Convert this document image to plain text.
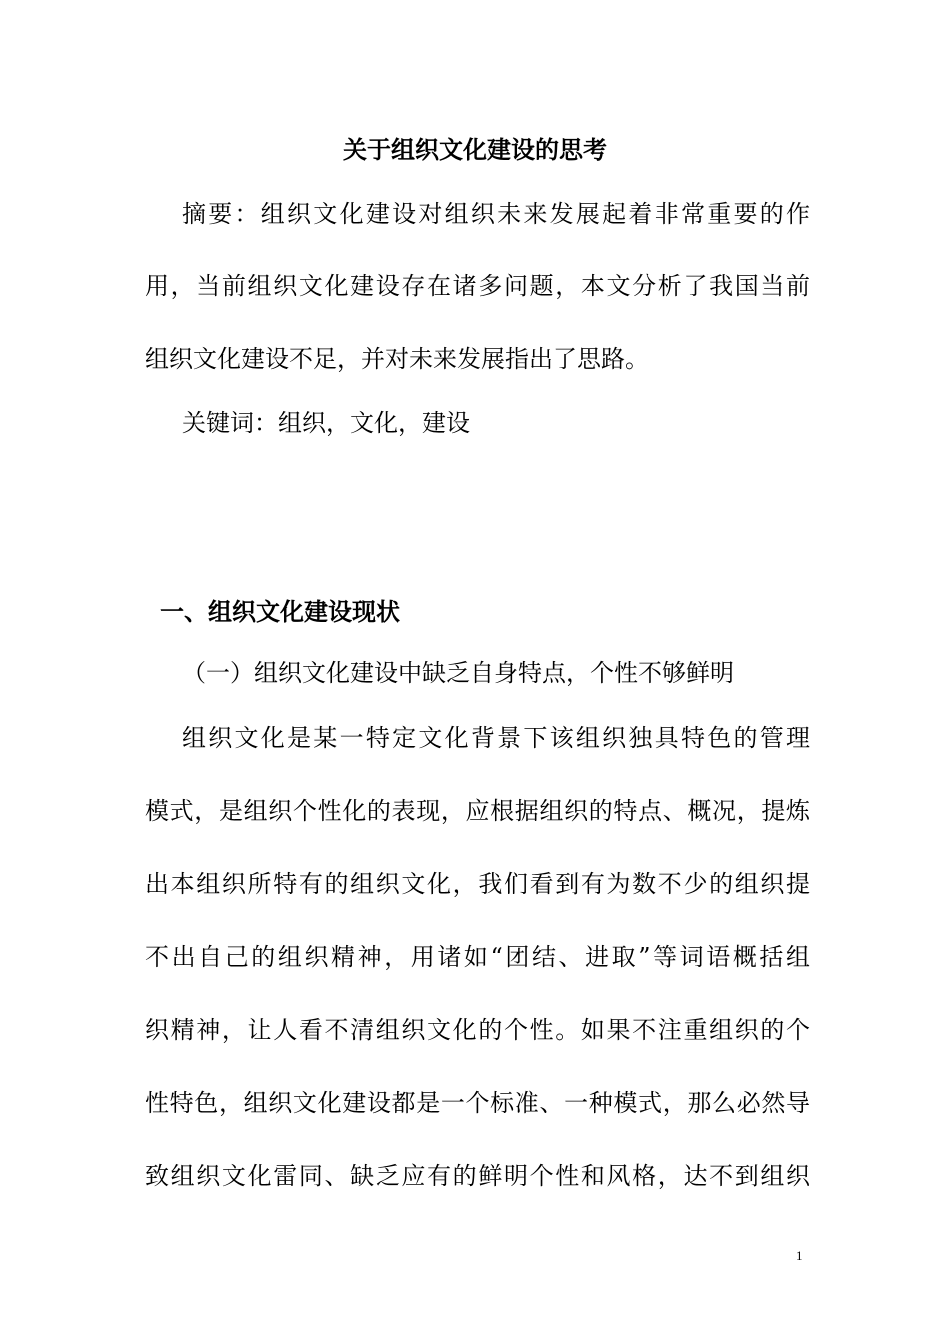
关于组织文化建设的思考
摘要：组织文化建设对组织未来发展起着非常重要的作
用，当前组织文化建设存在诸多问题，本文分析了我国当前
组织文化建设不足，并对未来发展指出了思路。
关键词：组织，文化，建设
一、组织文化建设现状
（一）组织文化建设中缺乏自身特点，个性不够鲜明
组织文化是某一特定文化背景下该组织独具特色的管理
模式，是组织个性化的表现，应根据组织的特点、概况，提炼
出本组织所特有的组织文化，我们看到有为数不少的组织提
不出自己的组织精神，用诸如“团结、进取”等词语概括组
织精神，让人看不清组织文化的个性。如果不注重组织的个
性特色，组织文化建设都是一个标准、一种模式，那么必然导
致组织文化雷同、缺乏应有的鲜明个性和风格，达不到组织
1
